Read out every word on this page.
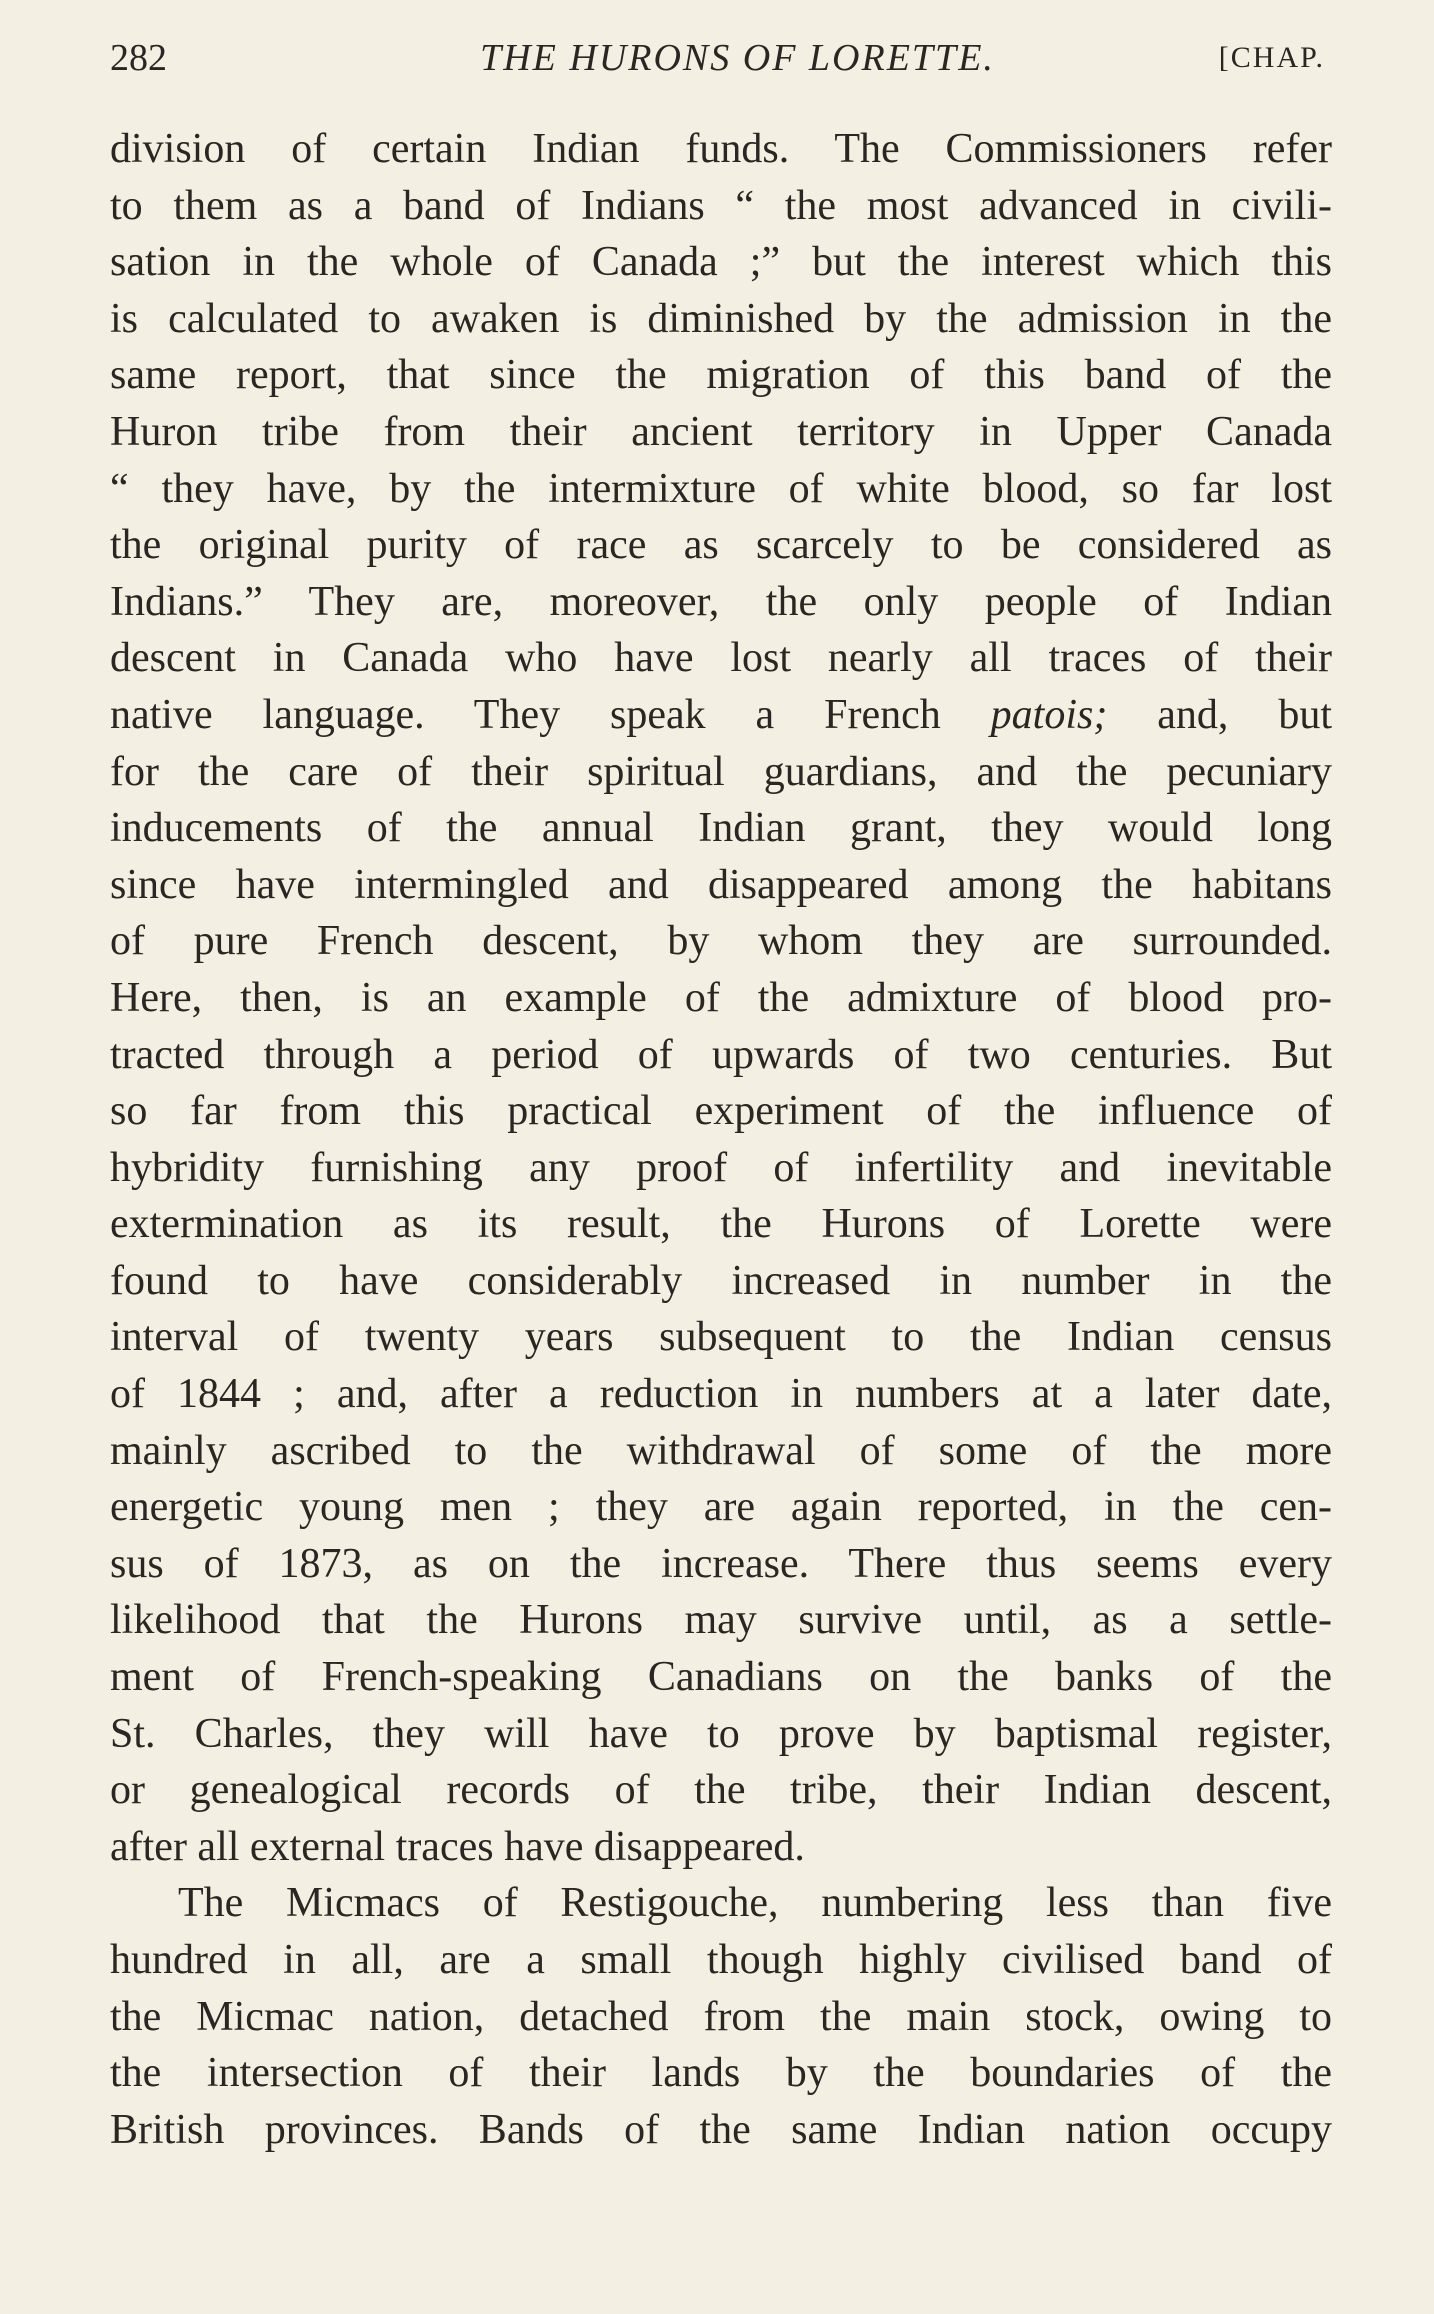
282	THE HURONS OF LORETTE.	[CHAP.

division of certain Indian funds. The Commissioners refer
to them as a band of Indians “ the most advanced in civili-
sation in the whole of Canada ;” but the interest which this
is calculated to awaken is diminished by the admission in the
same report, that since the migration of this band of the
Huron tribe from their ancient territory in Upper Canada
“ they have, by the intermixture of white blood, so far lost
the original purity of race as scarcely to be considered as
Indians.” They are, moreover, the only people of Indian
descent in Canada who have lost nearly all traces of their
native language. They speak a French patois; and, but
for the care of their spiritual guardians, and the pecuniary
inducements of the annual Indian grant, they would long
since have intermingled and disappeared among the habitans
of pure French descent, by whom they are surrounded.
Here, then, is an example of the admixture of blood pro-
tracted through a period of upwards of two centuries. But
so far from this practical experiment of the influence of
hybridity furnishing any proof of infertility and inevitable
extermination as its result, the Hurons of Lorette were
found to have considerably increased in number in the
interval of twenty years subsequent to the Indian census
of 1844 ; and, after a reduction in numbers at a later date,
mainly ascribed to the withdrawal of some of the more
energetic young men ; they are again reported, in the cen-
sus of 1873, as on the increase. There thus seems every
likelihood that the Hurons may survive until, as a settle-
ment of French-speaking Canadians on the banks of the
St. Charles, they will have to prove by baptismal register,
or genealogical records of the tribe, their Indian descent,
after all external traces have disappeared.

The Micmacs of Restigouche, numbering less than five
hundred in all, are a small though highly civilised band of
the Micmac nation, detached from the main stock, owing to
the intersection of their lands by the boundaries of the
British provinces. Bands of the same Indian nation occupy
